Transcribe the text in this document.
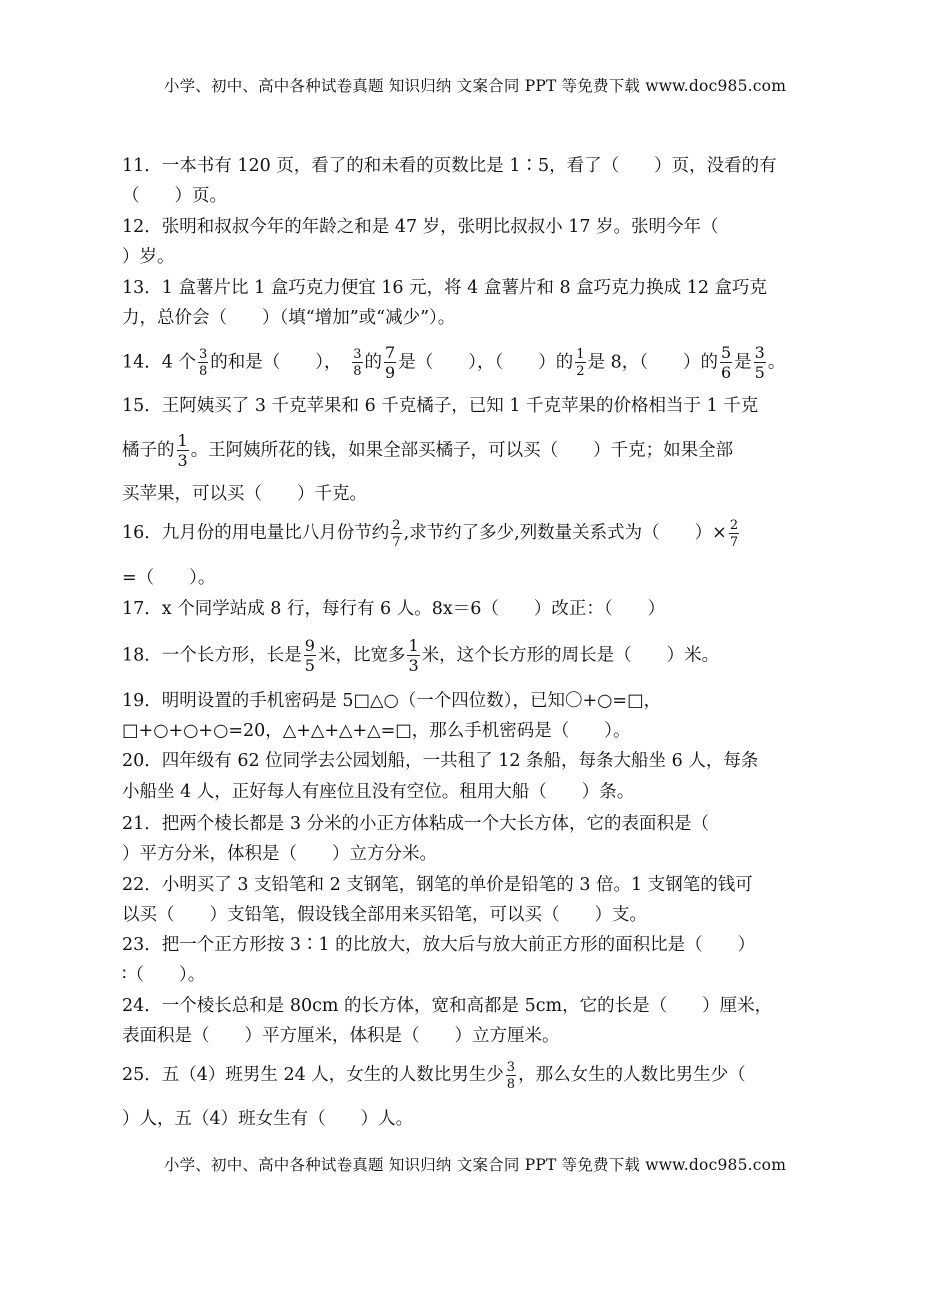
小学、初中、高中各种试卷真题 知识归纳 文案合同 PPT 等免费下载 www.doc985.com
11．一本书有 120 页，看了的和未看的页数比是 1∶5，看了（　　）页，没看的有
（　　）页。
12．张明和叔叔今年的年龄之和是 47 岁，张明比叔叔小 17 岁。张明今年（
）岁。
13．1 盒薯片比 1 盒巧克力便宜 16 元，将 4 盒薯片和 8 盒巧克力换成 12 盒巧克
力，总价会（　　）（填“增加”或“减少”）。
14．4 个 $\frac{3}{8}$ 的和是（　　），　 $\frac{3}{8}$ 的 $\frac{7}{9}$ 是（　　），（　　）的 $\frac{1}{2}$ 是 8，（　　）的 $\frac{5}{6}$ 是 $\frac{3}{5}$ 。
15．王阿姨买了 3 千克苹果和 6 千克橘子，已知 1 千克苹果的价格相当于 1 千克
橘子的 $\frac{1}{3}$ 。王阿姨所花的钱，如果全部买橘子，可以买（　　）千克；如果全部
买苹果，可以买（　　）千克。
16．九月份的用电量比八月份节约 $\frac{2}{7}$ ,求节约了多少,列数量关系式为（　　）× $\frac{2}{7}$
=（　　）。
17．x 个同学站成 8 行，每行有 6 人。8x＝6（　　）改正：（　　）
18．一个长方形，长是 $\frac{9}{5}$ 米，比宽多 $\frac{1}{3}$ 米，这个长方形的周长是（　　）米。
19．明明设置的手机密码是 5□△○（一个四位数），已知〇+○=□，
□+○+○+○=20，△+△+△+△=□，那么手机密码是（　　）。
20．四年级有 62 位同学去公园划船，一共租了 12 条船，每条大船坐 6 人，每条
小船坐 4 人，正好每人有座位且没有空位。租用大船（　　）条。
21．把两个棱长都是 3 分米的小正方体粘成一个大长方体，它的表面积是（
）平方分米，体积是（　　）立方分米。
22．小明买了 3 支铅笔和 2 支钢笔，钢笔的单价是铅笔的 3 倍。1 支钢笔的钱可
以买（　　）支铅笔，假设钱全部用来买铅笔，可以买（　　）支。
23．把一个正方形按 3∶1 的比放大，放大后与放大前正方形的面积比是（　　）
∶（　　）。
24．一个棱长总和是 80cm 的长方体，宽和高都是 5cm，它的长是（　　）厘米，
表面积是（　　）平方厘米，体积是（　　）立方厘米。
25．五（4）班男生 24 人，女生的人数比男生少 $\frac{3}{8}$ ，那么女生的人数比男生少（
）人，五（4）班女生有（　　）人。
小学、初中、高中各种试卷真题 知识归纳 文案合同 PPT 等免费下载 www.doc985.com
